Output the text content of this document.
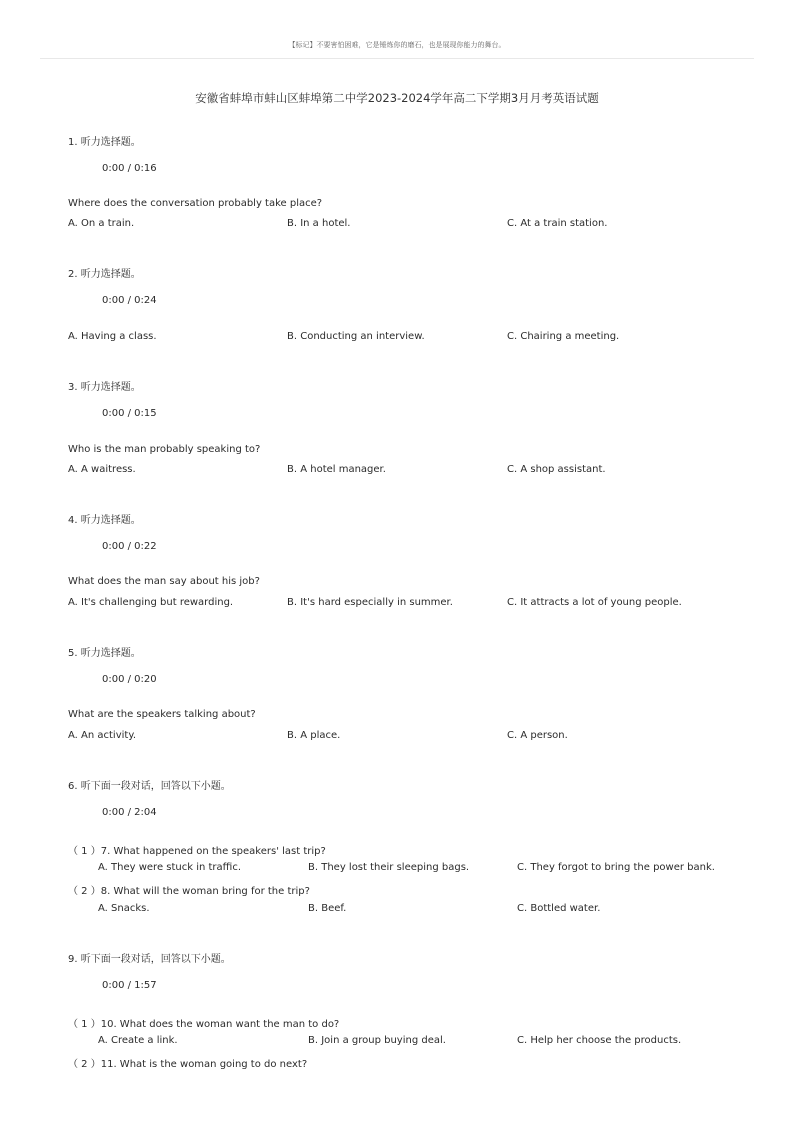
【标记】不要害怕困难，它是锤炼你的磨石，也是展现你能力的舞台。
安徽省蚌埠市蚌山区蚌埠第二中学2023-2024学年高二下学期3月月考英语试题
1. 听力选择题。
0:00 / 0:16
Where does the conversation probably take place?
A. On a train.	B. In a hotel.	C. At a train station.
2. 听力选择题。
0:00 / 0:24
A. Having a class.	B. Conducting an interview.	C. Chairing a meeting.
3. 听力选择题。
0:00 / 0:15
Who is the man probably speaking to?
A. A waitress.	B. A hotel manager.	C. A shop assistant.
4. 听力选择题。
0:00 / 0:22
What does the man say about his job?
A. It's challenging but rewarding.	B. It's hard especially in summer.	C. It attracts a lot of young people.
5. 听力选择题。
0:00 / 0:20
What are the speakers talking about?
A. An activity.	B. A place.	C. A person.
6. 听下面一段对话，回答以下小题。
0:00 / 2:04
（ 1 ）7. What happened on the speakers' last trip?
A. They were stuck in traffic.	B. They lost their sleeping bags.	C. They forgot to bring the power bank.
（ 2 ）8. What will the woman bring for the trip?
A. Snacks.	B. Beef.	C. Bottled water.
9. 听下面一段对话，回答以下小题。
0:00 / 1:57
（ 1 ）10. What does the woman want the man to do?
A. Create a link.	B. Join a group buying deal.	C. Help her choose the products.
（ 2 ）11. What is the woman going to do next?
